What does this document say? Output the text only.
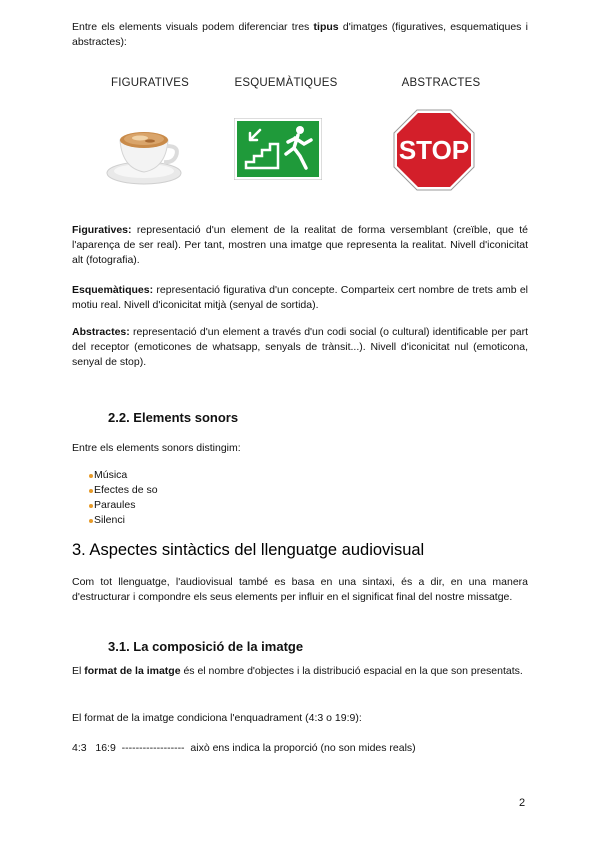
Entre els elements visuals podem diferenciar tres tipus d'imatges (figuratives, esquematiques i abstractes):
FIGURATIVES	ESQUEMÀTIQUES	ABSTRACTES
STOP
Figuratives: representació d'un element de la realitat de forma versemblant (creïble, que té l'aparença de ser real). Per tant, mostren una imatge que representa la realitat. Nivell d'iconicitat alt (fotografia).
Esquemàtiques: representació figurativa d'un concepte. Comparteix cert nombre de trets amb el motiu real. Nivell d'iconicitat mitjà (senyal de sortida).
Abstractes: representació d'un element a través d'un codi social (o cultural) identificable per part del receptor (emoticones de whatsapp, senyals de trànsit...). Nivell d'iconicitat nul (emoticona, senyal de stop).
2.2. Elements sonors
Entre els elements sonors distingim:
Música
Efectes de so
Paraules
Silenci
3. Aspectes sintàctics del llenguatge audiovisual
Com tot llenguatge, l'audiovisual també es basa en una sintaxi, és a dir, en una manera d'estructurar i compondre els seus elements per influir en el significat final del nostre missatge.
3.1. La composició de la imatge
El format de la imatge és el nombre d'objectes i la distribució espacial en la que son presentats.
El format de la imatge condiciona l'enquadrament (4:3 o 19:9):
4:3   16:9  ------------------  això ens indica la proporció (no son mides reals)
2
